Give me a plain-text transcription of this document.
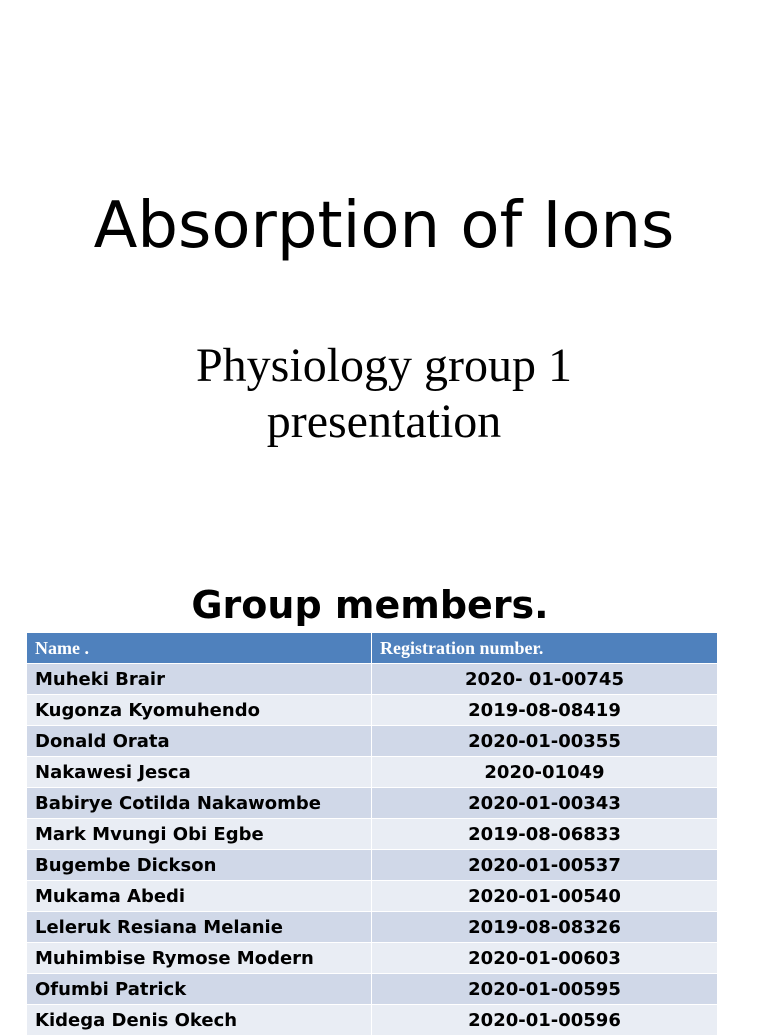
Absorption of Ions
Physiology group 1
presentation
Group members.
Name .	Registration number.
Muheki Brair	2020- 01-00745
Kugonza Kyomuhendo	2019-08-08419
Donald Orata	2020-01-00355
Nakawesi Jesca	2020-01049
Babirye Cotilda Nakawombe	2020-01-00343
Mark Mvungi Obi Egbe	2019-08-06833
Bugembe Dickson	2020-01-00537
Mukama Abedi	2020-01-00540
Leleruk Resiana Melanie	2019-08-08326
Muhimbise Rymose Modern	2020-01-00603
Ofumbi Patrick	2020-01-00595
Kidega Denis Okech	2020-01-00596
